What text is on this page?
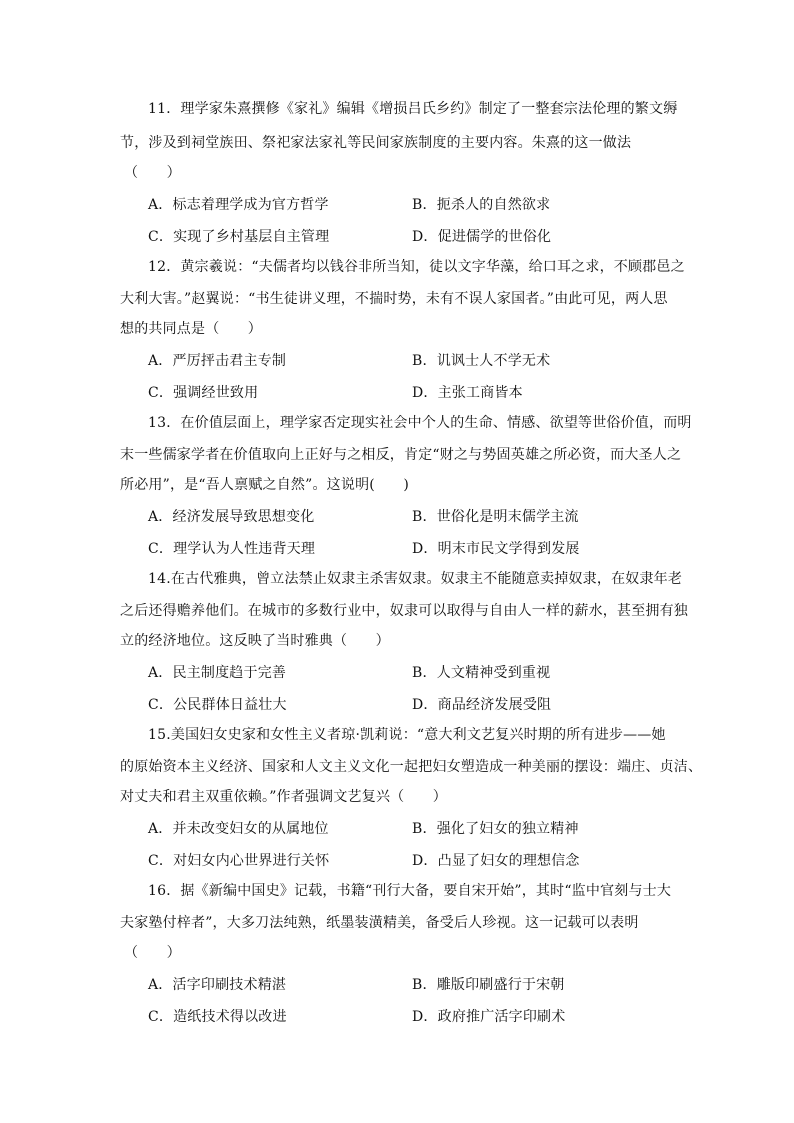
11．理学家朱熹撰修《家礼》编辑《增损吕氏乡约》制定了一整套宗法伦理的繁文缛
节，涉及到祠堂族田、祭祀家法家礼等民间家族制度的主要内容。朱熹的这一做法
（　　）
A．标志着理学成为官方哲学	B．扼杀人的自然欲求
C．实现了乡村基层自主管理	D．促进儒学的世俗化
12．黄宗羲说：“夫儒者均以钱谷非所当知，徒以文字华藻，给口耳之求，不顾郡邑之
大利大害。”赵翼说：“书生徒讲义理，不揣时势，未有不误人家国者。”由此可见，两人思
想的共同点是（　　）
A．严厉抨击君主专制	B．讥讽士人不学无术
C．强调经世致用	D．主张工商皆本
13．在价值层面上，理学家否定现实社会中个人的生命、情感、欲望等世俗价值，而明
末一些儒家学者在价值取向上正好与之相反，肯定“财之与势固英雄之所必资，而大圣人之
所必用”，是“吾人禀赋之自然”。这说明(　　)
A．经济发展导致思想变化	B．世俗化是明末儒学主流
C．理学认为人性违背天理	D．明末市民文学得到发展
14.在古代雅典，曾立法禁止奴隶主杀害奴隶。奴隶主不能随意卖掉奴隶，在奴隶年老
之后还得赡养他们。在城市的多数行业中，奴隶可以取得与自由人一样的薪水，甚至拥有独
立的经济地位。这反映了当时雅典（　　）
A．民主制度趋于完善	B．人文精神受到重视
C．公民群体日益壮大	D．商品经济发展受阻
15.美国妇女史家和女性主义者琼·凯莉说：“意大利文艺复兴时期的所有进步——她
的原始资本主义经济、国家和人文主义文化一起把妇女塑造成一种美丽的摆设：端庄、贞洁、
对丈夫和君主双重依赖。”作者强调文艺复兴（　　）
A．并未改变妇女的从属地位	B．强化了妇女的独立精神
C．对妇女内心世界进行关怀	D．凸显了妇女的理想信念
16．据《新编中国史》记载，书籍“刊行大备，要自宋开始”，其时“监中官刻与士大
夫家塾付梓者”，大多刀法纯熟，纸墨装潢精美，备受后人珍视。这一记载可以表明
（　　）
A．活字印刷技术精湛	B．雕版印刷盛行于宋朝
C．造纸技术得以改进	D．政府推广活字印刷术
